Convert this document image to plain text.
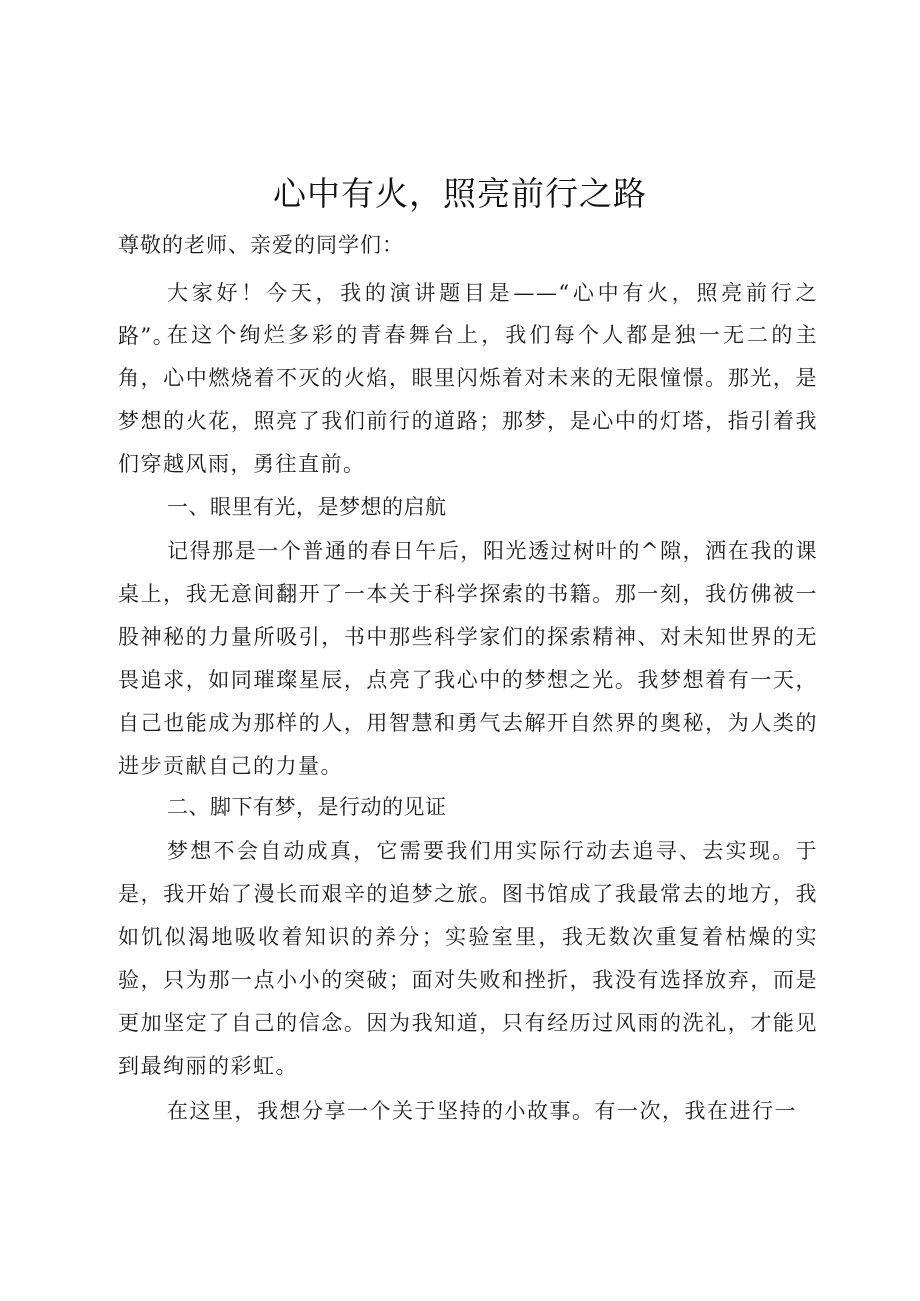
心中有火，照亮前行之路

尊敬的老师、亲爱的同学们：

大家好！今天，我的演讲题目是——“心中有火，照亮前行之路”。

在这个绚烂多彩的青春舞台上，我们每个人都是独一无二的主角，心中燃烧着不灭的火焰，眼里闪烁着对未来的无限憧憬。那光，是梦想的火花，照亮了我们前行的道路；那梦，是心中的灯塔，指引着我们穿越风雨，勇往直前。

一、眼里有光，是梦想的启航

记得那是一个普通的春日午后，阳光透过树叶的^隙，洒在我的课桌上，我无意间翻开了一本关于科学探索的书籍。那一刻，我仿佛被一股神秘的力量所吸引，书中那些科学家们的探索精神、对未知世界的无畏追求，如同璀璨星辰，点亮了我心中的梦想之光。我梦想着有一天，自己也能成为那样的人，用智慧和勇气去解开自然界的奥秘，为人类的进步贡献自己的力量。

二、脚下有梦，是行动的见证

梦想不会自动成真，它需要我们用实际行动去追寻、去实现。于是，我开始了漫长而艰辛的追梦之旅。图书馆成了我最常去的地方，我如饥似渴地吸收着知识的养分；实验室里，我无数次重复着枯燥的实验，只为那一点小小的突破；面对失败和挫折，我没有选择放弃，而是更加坚定了自己的信念。因为我知道，只有经历过风雨的洗礼，才能见到最绚丽的彩虹。

在这里，我想分享一个关于坚持的小故事。有一次，我在进行一
